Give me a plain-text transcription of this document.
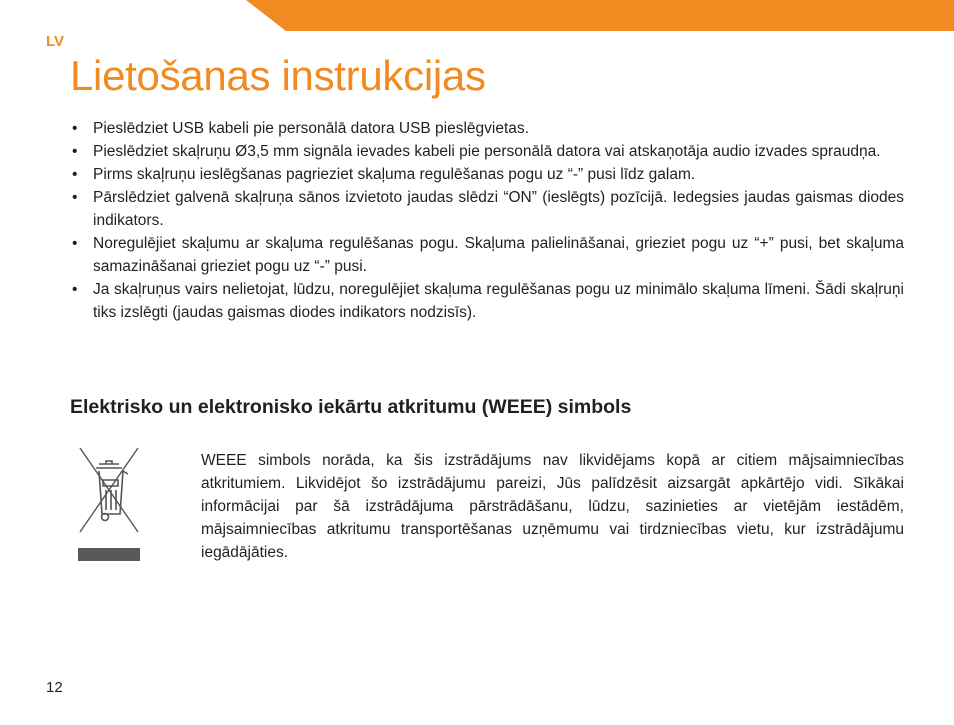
LV
Lietošanas instrukcijas
• Pieslēdziet USB kabeli pie personālā datora USB pieslēgvietas.
• Pieslēdziet skaļruņu Ø3,5 mm signāla ievades kabeli pie personālā datora vai atskaņotāja audio izvades spraudņa.
• Pirms skaļruņu ieslēgšanas pagrieziet skaļuma regulēšanas pogu uz “-” pusi līdz galam.
• Pārslēdziet galvenā skaļruņa sānos izvietoto jaudas slēdzi “ON” (ieslēgts) pozīcijā. Iedegsies jaudas gaismas diodes indikators.
• Noregulējiet skaļumu ar skaļuma regulēšanas pogu. Skaļuma palielināšanai, grieziet pogu uz “+” pusi, bet skaļuma samazināšanai grieziet pogu uz “-” pusi.
• Ja skaļruņus vairs nelietojat, lūdzu, noregulējiet skaļuma regulēšanas pogu uz minimālo skaļuma līmeni. Šādi skaļruņi tiks izslēgti (jaudas gaismas diodes indikators nodzisīs).
Elektrisko un elektronisko iekārtu atkritumu (WEEE) simbols

WEEE simbols norāda, ka šis izstrādājums nav likvidējams kopā ar citiem mājsaimniecības atkritumiem. Likvidējot šo izstrādājumu pareizi, Jūs palīdzēsit aizsargāt apkārtējo vidi. Sīkākai informācijai par šā izstrādājuma pārstrādāšanu, lūdzu, sazinieties ar vietējām iestādēm, mājsaimniecības atkritumu transportēšanas uzņēmumu vai tirdzniecības vietu, kur izstrādājumu iegādājāties.

12
